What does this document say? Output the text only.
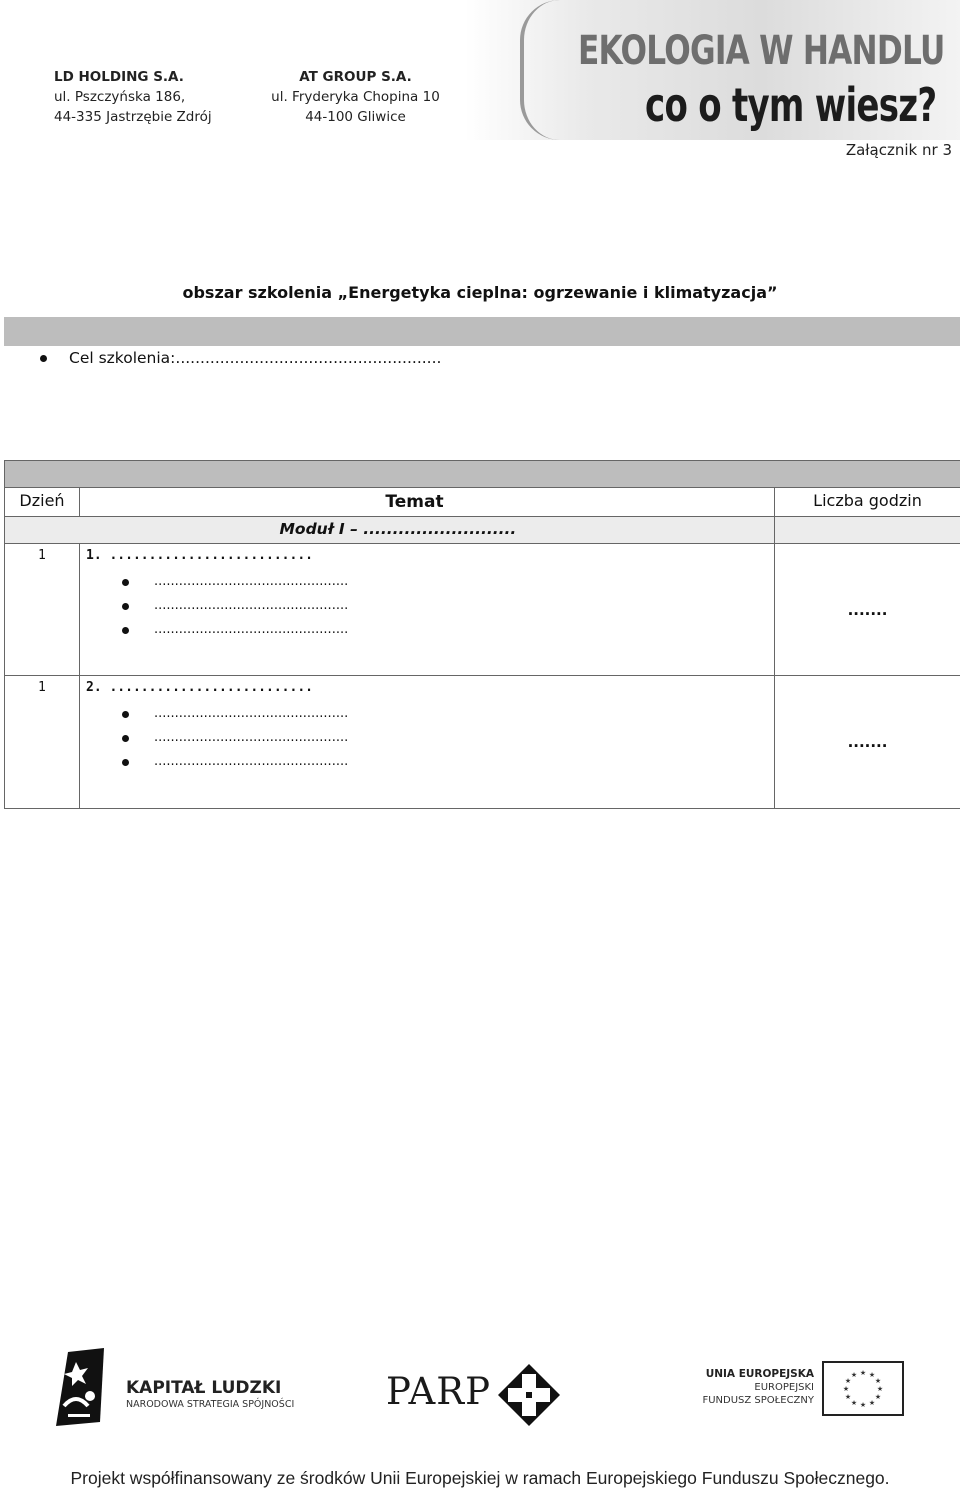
LD HOLDING S.A.
ul. Pszczyńska 186,
44-335 Jastrzębie Zdrój
AT GROUP S.A.
ul. Fryderyka Chopina 10
44-100 Gliwice
EKOLOGIA W HANDLU
co o tym wiesz?
Załącznik nr 3
obszar szkolenia „Energetyka cieplna: ogrzewanie i klimatyzacja”
Cel szkolenia:......................................................

Dzień	Temat	Liczba godzin
	Moduł I – ..........................	
1	1. ..........................
...............................................
...............................................
...............................................	.......
1	2. ..........................
...............................................
...............................................
...............................................	.......
KAPITAŁ LUDZKI
NARODOWA STRATEGIA SPÓJNOŚCI PARP	UNIA EUROPEJSKA
EUROPEJSKI
FUNDUSZ SPOŁECZNY
★ ★
★
★
★
★
★
★
★
★
★
★
Projekt współfinansowany ze środków Unii Europejskiej w ramach Europejskiego Funduszu Społecznego.
